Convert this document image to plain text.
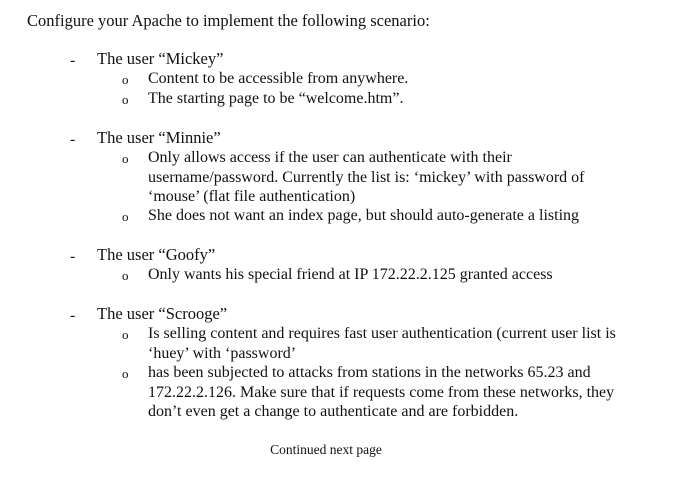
Configure your Apache to implement the following scenario:
- The user “Mickey”
o Content to be accessible from anywhere.
o The starting page to be “welcome.htm”.
- The user “Minnie”
o Only allows access if the user can authenticate with their username/password. Currently the list is: ‘mickey’ with password of ‘mouse’ (flat file authentication)
o She does not want an index page, but should auto-generate a listing
- The user “Goofy”
o Only wants his special friend at IP 172.22.2.125 granted access
- The user “Scrooge”
o Is selling content and requires fast user authentication (current user list is ‘huey’ with ‘password’
o has been subjected to attacks from stations in the networks 65.23 and 172.22.2.126. Make sure that if requests come from these networks, they don’t even get a change to authenticate and are forbidden.
Continued next page
